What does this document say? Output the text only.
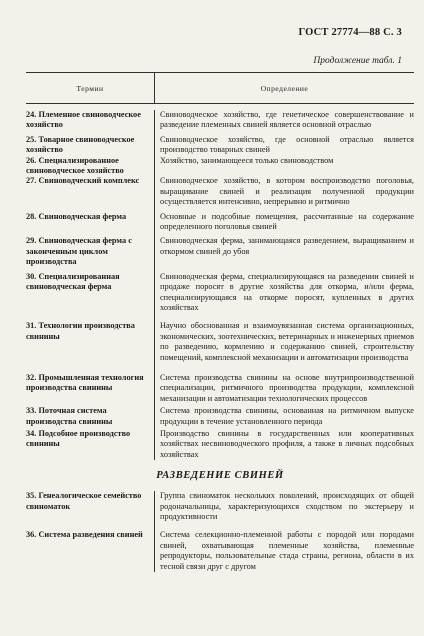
ГОСТ 27774—88 С. 3
Продолжение табл. 1
Термин	Определение
24. Племенное свиноводческое хозяйство
Свиноводческое хозяйство, где генетическое совершенствование и разведение племенных свиней является основной отраслью
25. Товарное свиноводческое хозяйство
Свиноводческое хозяйство, где основной отраслью является производство товарных свиней
26. Специализированное свиноводческое хозяйство
Хозяйство, занимающееся только свиноводством
27. Свиноводческий комплекс	Свиноводческое хозяйство, в котором воспроизводство поголовья, выращивание свиней и реализация полученной продукции осуществляется интенсивно, непрерывно и ритмично
28. Свиноводческая ферма	Основные и подсобные помещения, рассчитанные на содержание определенного поголовья свиней
29. Свиноводческая ферма с законченным циклом производства
Свиноводческая ферма, занимающаяся разведением, выращиванием и откормом свиней до убоя
30. Специализированная свиноводческая ферма
Свиноводческая ферма, специализирующаяся на разведении свиней и продаже поросят в другие хозяйства для откорма, и/или ферма, специализирующаяся на откорме поросят, купленных в других хозяйствах
31. Технологии производства свинины
Научно обоснованная и взаимоувязанная система организационных, экономических, зоотехнических, ветеринарных и инженерных приемов по разведению, кормлению и содержанию свиней, строительству помещений, комплексной механизации и автоматизации производства
32. Промышленная технология производства свинины
Система производства свинины на основе внутрипроизводственной специализации, ритмичного производства продукции, комплексной механизации и автоматизации технологических процессов
33. Поточная система производства свинины
Система производства свинины, основанная на ритмичном выпуске продукции в течение установленного периода
34. Подсобное производство свинины
Производство свинины в государственных или кооперативных хозяйствах несвиноводческого профиля, а также в личных подсобных хозяйствах
РАЗВЕДЕНИЕ СВИНЕЙ
35. Генеалогическое семейство свиноматок
Группа свиноматок нескольких поколений, происходящих от общей родоначальницы, характеризующихся сходством по экстерьеру и продуктивности
36. Система разведения свиней	Система селекционно-племенной работы с породой или породами свиней, охватывающая племенные хозяйства, племенные репродукторы, пользовательные стада страны, региона, области в их тесной связи друг с другом
